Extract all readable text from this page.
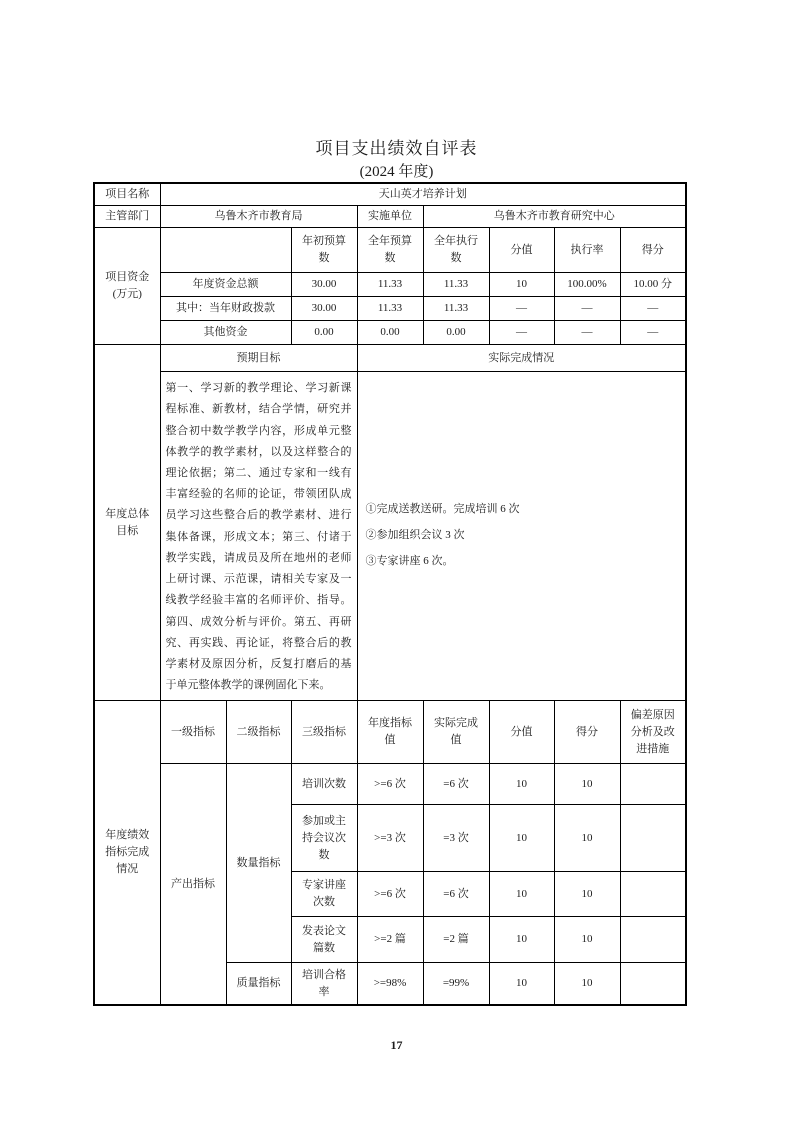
项目支出绩效自评表
(2024 年度)
项目名称	天山英才培养计划							
主管部门	乌鲁木齐市教育局			实施单位	乌鲁木齐市教育研究中心			

项目资金
(万元)			年初预算数	全年预算数	全年执行数	分值	执行率	得分
	年度资金总额		30.00	11.33	11.33	10	100.00%	10.00 分
	其中：当年财政拨款		30.00	11.33	11.33	—	—	—
	其他资金		0.00	0.00	0.00	—	—	—
年度总体目标	预期目标			实际完成情况				
第一、学习新的教学理论、学习新课程标准、新教材，结合学情，研究并整合初中数学教学内容，形成单元整体教学的教学素材，以及这样整合的理论依据；第二、通过专家和一线有丰富经验的名师的论证，带领团队成员学习这些整合后的教学素材、进行集体备课，形成文本；第三、付诸于教学实践，请成员及所在地州的老师上研讨课、示范课，请相关专家及一线教学经验丰富的名师评价、指导。第四、成效分析与评价。第五、再研究、再实践、再论证，将整合后的教学素材及原因分析，反复打磨后的基于单元整体教学的课例固化下来。	
①完成送教送研。完成培训 6 次
②参加组织会议 3 次
③专家讲座 6 次。

年度绩效指标完成情况	一级指标	二级指标	三级指标	年度指标值	实际完成值	分值	得分	偏差原因分析及改进措施
	产出指标	数量指标	培训次数	>=6 次	=6 次	10	10	
			参加或主持会议次数	>=3 次	=3 次	10	10	
			专家讲座次数	>=6 次	=6 次	10	10	
			发表论文篇数	>=2 篇	=2 篇	10	10	
		质量指标	培训合格率	>=98%	=99%	10	10	
17
